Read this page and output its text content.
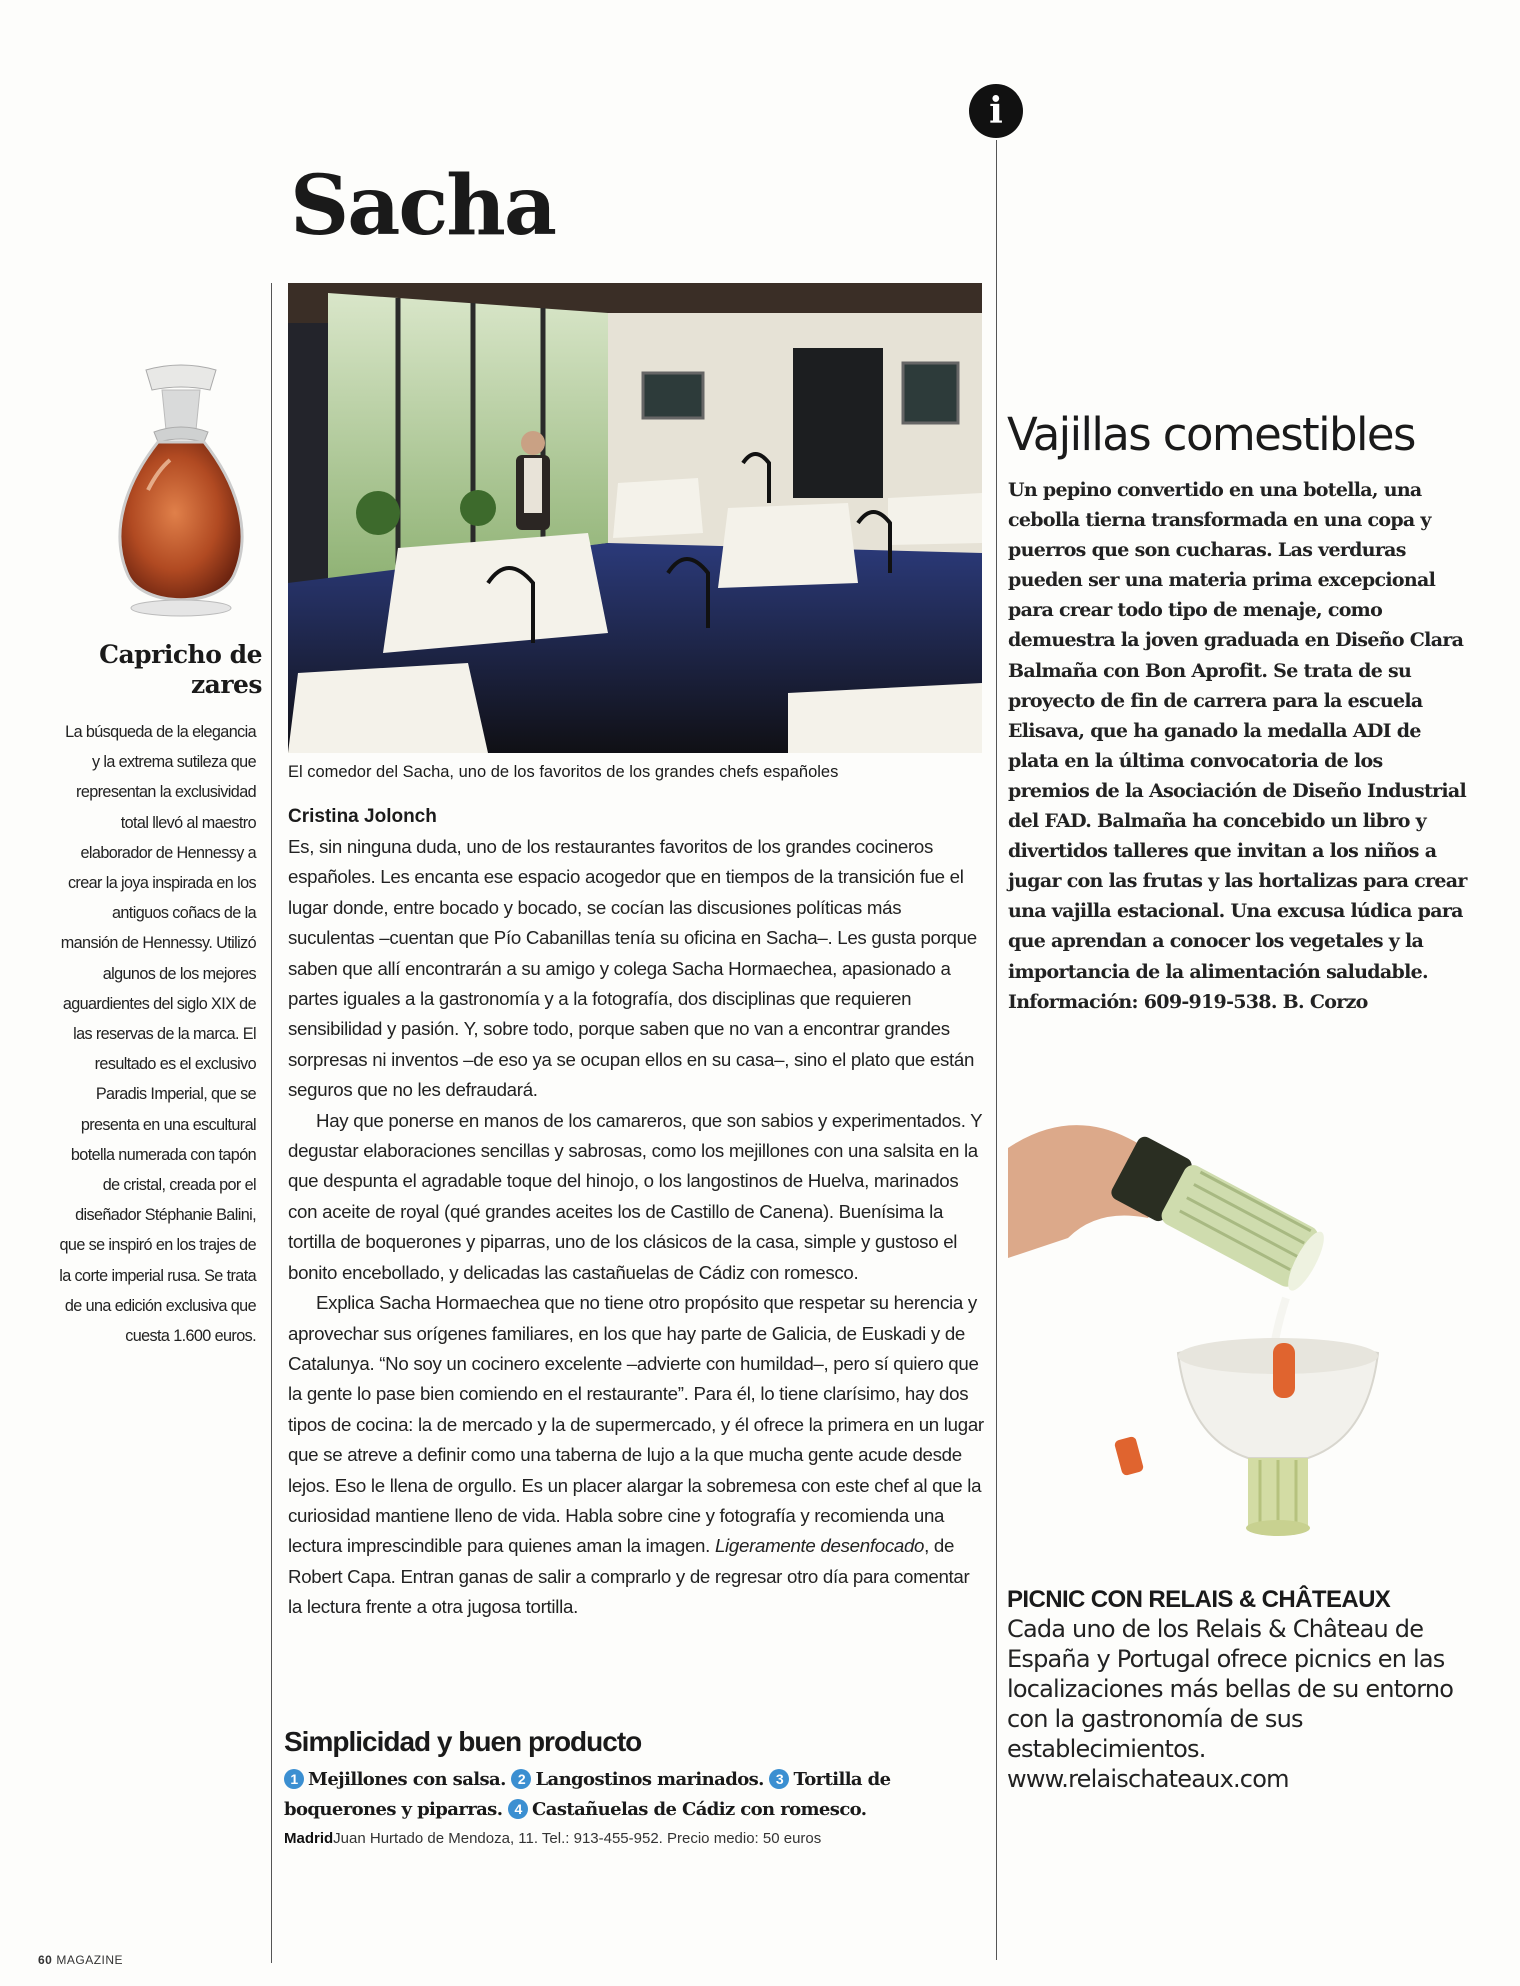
i
Sacha
El comedor del Sacha, uno de los favoritos de los grandes chefs españoles
Cristina Jolonch

Es, sin ninguna duda, uno de los restaurantes favoritos de los grandes cocineros españoles. Les encanta ese espacio acogedor que en tiempos de la transición fue el lugar donde, entre bocado y bocado, se cocían las discusiones políticas más suculentas –cuentan que Pío Cabanillas tenía su oficina en Sacha–. Les gusta porque saben que allí encontrarán a su amigo y colega Sacha Hormaechea, apasionado a partes iguales a la gastronomía y a la fotografía, dos disciplinas que requieren sensibilidad y pasión. Y, sobre todo, porque saben que no van a encontrar grandes sorpresas ni inventos –de eso ya se ocupan ellos en su casa–, sino el plato que están seguros que no les defraudará.

Hay que ponerse en manos de los camareros, que son sabios y experimentados. Y degustar elaboraciones sencillas y sabrosas, como los mejillones con una salsita en la que despunta el agradable toque del hinojo, o los langostinos de Huelva, marinados con aceite de royal (qué grandes aceites los de Castillo de Canena). Buenísima la tortilla de boquerones y piparras, uno de los clásicos de la casa, simple y gustoso el bonito encebollado, y delicadas las castañuelas de Cádiz con romesco.

Explica Sacha Hormaechea que no tiene otro propósito que respetar su herencia y aprovechar sus orígenes familiares, en los que hay parte de Galicia, de Euskadi y de Catalunya. “No soy un cocinero excelente –advierte con humildad–, pero sí quiero que la gente lo pase bien comiendo en el restaurante”. Para él, lo tiene clarísimo, hay dos tipos de cocina: la de mercado y la de supermercado, y él ofrece la primera en un lugar que se atreve a definir como una taberna de lujo a la que mucha gente acude desde lejos. Eso le llena de orgullo. Es un placer alargar la sobremesa con este chef al que la curiosidad mantiene lleno de vida. Habla sobre cine y fotografía y recomienda una lectura imprescindible para quienes aman la imagen. Ligeramente desenfocado, de Robert Capa. Entran ganas de salir a comprarlo y de regresar otro día para comentar la lectura frente a otra jugosa tortilla.

Simplicidad y buen producto
1 Mejillones con salsa. 2 Langostinos marinados. 3 Tortilla de boquerones y piparras. 4 Castañuelas de Cádiz con romesco.
MadridJuan Hurtado de Mendoza, 11. Tel.: 913-455-952. Precio medio: 50 euros
Capricho de
zares
La búsqueda de la elegancia y la extrema sutileza que representan la exclusividad total llevó al maestro elaborador de Hennessy a crear la joya inspirada en los antiguos coñacs de la mansión de Hennessy. Utilizó algunos de los mejores aguardientes del siglo XIX de las reservas de la marca. El resultado es el exclusivo Paradis Imperial, que se presenta en una escultural botella numerada con tapón de cristal, creada por el diseñador Stéphanie Balini, que se inspiró en los trajes de la corte imperial rusa. Se trata de una edición exclusiva que cuesta 1.600 euros.
Vajillas comestibles
Un pepino convertido en una botella, una cebolla tierna transformada en una copa y puerros que son cucharas. Las verduras pueden ser una materia prima excepcional para crear todo tipo de menaje, como demuestra la joven graduada en Diseño Clara Balmaña con Bon Aprofit. Se trata de su proyecto de fin de carrera para la escuela Elisava, que ha ganado la medalla ADI de plata en la última convocatoria de los premios de la Asociación de Diseño Industrial del FAD. Balmaña ha concebido un libro y divertidos talleres que invitan a los niños a jugar con las frutas y las hortalizas para crear una vajilla estacional. Una excusa lúdica para que aprendan a conocer los vegetales y la importancia de la alimentación saludable. Información: 609-919-538. B. Corzo
PICNIC CON RELAIS & CHÂTEAUX
Cada uno de los Relais & Château de España y Portugal ofrece picnics en las localizaciones más bellas de su entorno con la gastronomía de sus establecimientos. www.relaischateaux.com
60 MAGAZINE
